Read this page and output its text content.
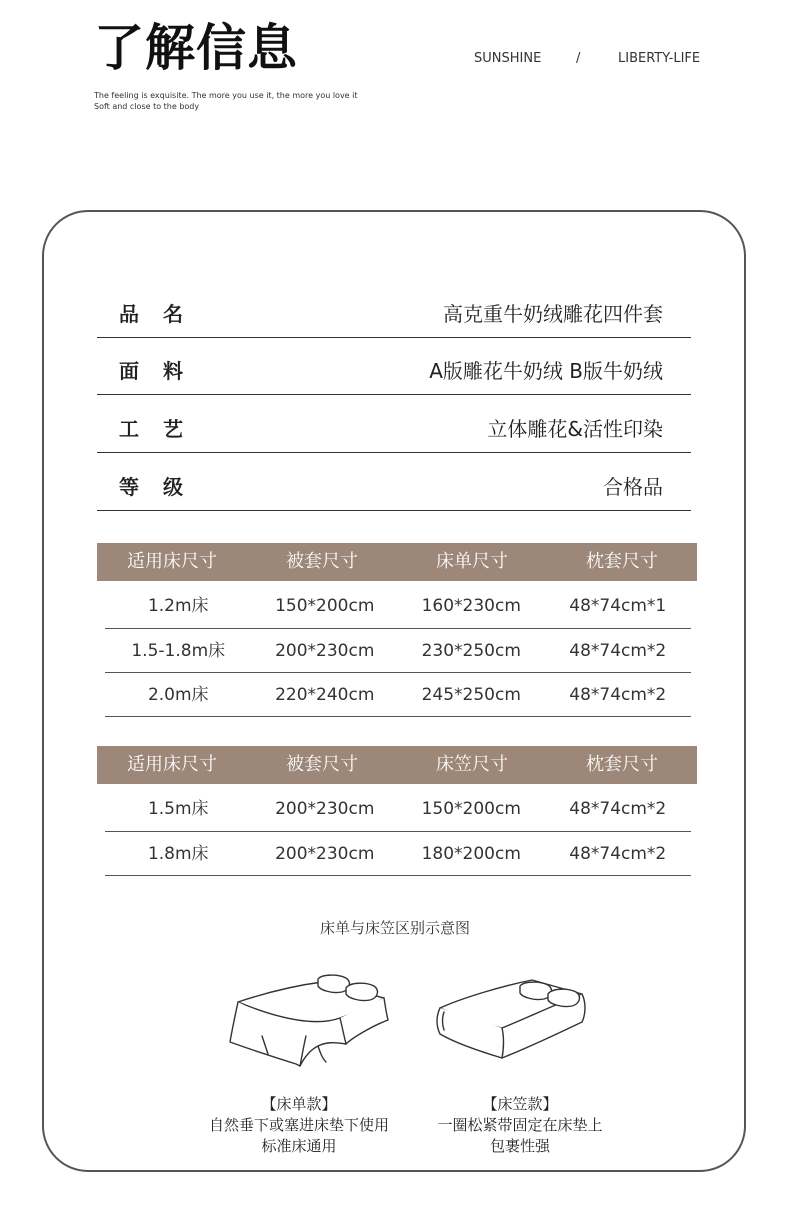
了解信息
The feeling is exquisite. The more you use it, the more you love it
Soft and close to the body
SUNSHINE	/	LIBERTY-LIFE
品名	高克重牛奶绒雕花四件套
面料	A版雕花牛奶绒 B版牛奶绒
工艺	立体雕花&活性印染
等级	合格品
适用床尺寸	被套尺寸	床单尺寸	枕套尺寸
1.2m床	150*200cm	160*230cm	48*74cm*1
1.5-1.8m床	200*230cm	230*250cm	48*74cm*2
2.0m床	220*240cm	245*250cm	48*74cm*2
适用床尺寸	被套尺寸	床笠尺寸	枕套尺寸
1.5m床	200*230cm	150*200cm	48*74cm*2
1.8m床	200*230cm	180*200cm	48*74cm*2
床单与床笠区别示意图
【床单款】
自然垂下或塞进床垫下使用
标准床通用
【床笠款】
一圈松紧带固定在床垫上
包裹性强
